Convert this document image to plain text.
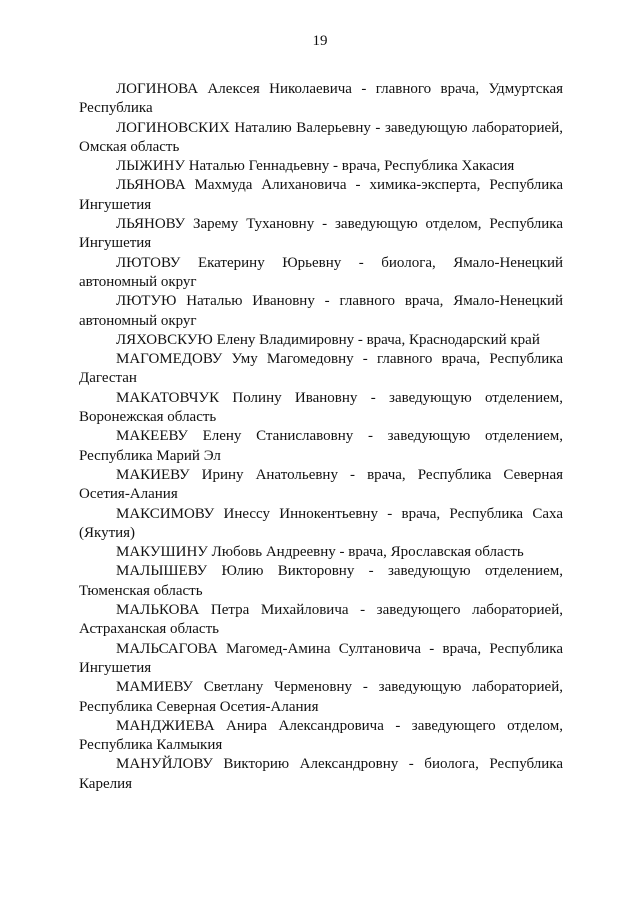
19

ЛОГИНОВА Алексея Николаевича - главного врача, Удмуртская Республика

ЛОГИНОВСКИХ Наталию Валерьевну - заведующую лабораторией, Омская область

ЛЫЖИНУ Наталью Геннадьевну - врача, Республика Хакасия

ЛЬЯНОВА Махмуда Алихановича - химика-эксперта, Республика Ингушетия

ЛЬЯНОВУ Зарему Тухановну - заведующую отделом, Республика Ингушетия

ЛЮТОВУ Екатерину Юрьевну - биолога, Ямало-Ненецкий автономный округ

ЛЮТУЮ Наталью Ивановну - главного врача, Ямало-Ненецкий автономный округ

ЛЯХОВСКУЮ Елену Владимировну - врача, Краснодарский край

МАГОМЕДОВУ Уму Магомедовну - главного врача, Республика Дагестан

МАКАТОВЧУК Полину Ивановну - заведующую отделением, Воронежская область

МАКЕЕВУ Елену Станиславовну - заведующую отделением, Республика Марий Эл

МАКИЕВУ Ирину Анатольевну - врача, Республика Северная Осетия-Алания

МАКСИМОВУ Инессу Иннокентьевну - врача, Республика Саха (Якутия)

МАКУШИНУ Любовь Андреевну - врача, Ярославская область

МАЛЫШЕВУ Юлию Викторовну - заведующую отделением, Тюменская область

МАЛЬКОВА Петра Михайловича - заведующего лабораторией, Астраханская область

МАЛЬСАГОВА Магомед-Амина Султановича - врача, Республика Ингушетия

МАМИЕВУ Светлану Черменовну - заведующую лабораторией, Республика Северная Осетия-Алания

МАНДЖИЕВА Анира Александровича - заведующего отделом, Республика Калмыкия

МАНУЙЛОВУ Викторию Александровну - биолога, Республика Карелия
